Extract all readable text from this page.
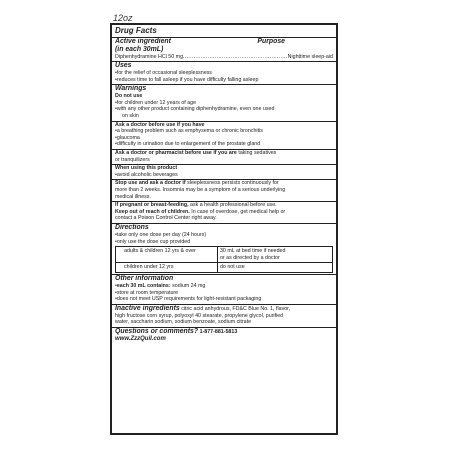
12oz
Drug Facts
Active ingredient	Purpose
(in each 30mL)
Diphenhydramine HCl 50 mg .....	Nighttime sleep-aid
Uses
• for the relief of occasional sleeplessness
• reduces time to fall asleep if you have difficulty falling asleep
Warnings
Do not use
• for children under 12 years of age
• with any other product containing diphenhydramine, even one used
on skin
Ask a doctor before use if you have
• a breathing problem such as emphysema or chronic bronchitis
• glaucoma
• difficulty in urination due to enlargement of the prostate gland
Ask a doctor or pharmacist before use if you are taking sedatives
or tranquilizers
When using this product
• avoid alcoholic beverages
Stop use and ask a doctor if sleeplessness persists continuously for
more than 2 weeks. Insomnia may be a symptom of a serious underlying
medical illness.
If pregnant or breast-feeding, ask a health professional before use.
Keep out of reach of children. In case of overdose, get medical help or
contact a Poison Control Center right away.
Directions
• take only one dose per day (24 hours)
• only use the dose cup provided
adults & children 12 yrs & over	30 mL at bed time if needed
or as directed by a doctor

children under 12 yrs	do not use
Other information
• each 30 mL contains: sodium 24 mg
• store at room temperature
• does not meet USP requirements for light-resistant packaging
Inactive ingredients citric acid anhydrous, FD&C Blue No. 1, flavor,
high fructose corn syrup, polyoxyl 40 stearate, propylene glycol, purified
water, saccharin sodium, sodium benzoate, sodium citrate
Questions or comments? 1-877-881-5813
www.ZzzQuil.com
